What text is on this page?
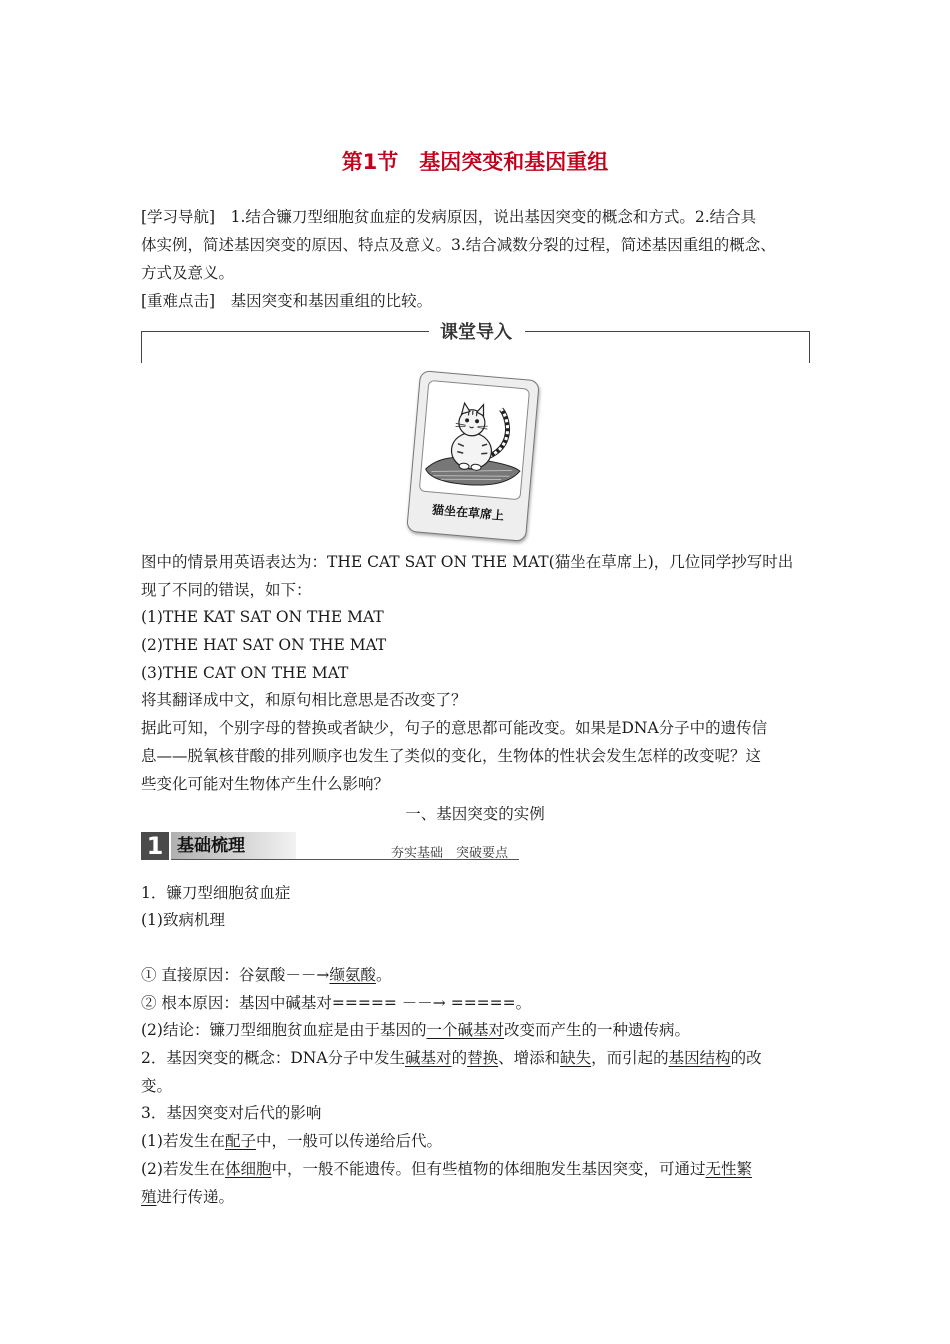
第1节　基因突变和基因重组
[学习导航]　1.结合镰刀型细胞贫血症的发病原因，说出基因突变的概念和方式。2.结合具
体实例，简述基因突变的原因、特点及意义。3.结合减数分裂的过程，简述基因重组的概念、
方式及意义。
[重难点击]　基因突变和基因重组的比较。
课堂导入
猫坐在草席上
图中的情景用英语表达为：THE CAT SAT ON THE MAT(猫坐在草席上)，几位同学抄写时出
现了不同的错误，如下：
(1)THE KAT SAT ON THE MAT
(2)THE HAT SAT ON THE MAT
(3)THE CAT ON THE MAT
将其翻译成中文，和原句相比意思是否改变了？
据此可知，个别字母的替换或者缺少，句子的意思都可能改变。如果是DNA分子中的遗传信
息——脱氧核苷酸的排列顺序也发生了类似的变化，生物体的性状会发生怎样的改变呢？这
些变化可能对生物体产生什么影响？
一、基因突变的实例
1 基础梳理	夯实基础　突破要点
1．镰刀型细胞贫血症
(1)致病机理
① 直接原因：谷氨酸－－→缬氨酸。
② 根本原因：基因中碱基对===== －－→ =====。
(2)结论：镰刀型细胞贫血症是由于基因的一个碱基对改变而产生的一种遗传病。
2．基因突变的概念：DNA分子中发生碱基对的替换、增添和缺失，而引起的基因结构的改
变。
3．基因突变对后代的影响
(1)若发生在配子中，一般可以传递给后代。
(2)若发生在体细胞中，一般不能遗传。但有些植物的体细胞发生基因突变，可通过无性繁
殖进行传递。
